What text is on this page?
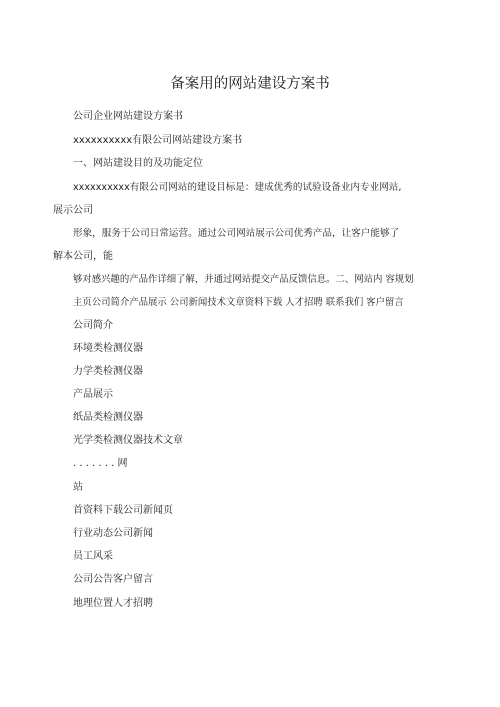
备案用的网站建设方案书
公司企业网站建设方案书
xxxxxxxxxx有限公司网站建设方案书
一、网站建设目的及功能定位
xxxxxxxxxx有限公司网站的建设目标是：建成优秀的试验设备业内专业网站,
展示公司
形象，服务于公司日常运营。通过公司网站展示公司优秀产品，让客户能够了
解本公司，能
够对感兴趣的产品作详细了解，并通过网站提交产品反馈信息。二、网站内 容规划
主页公司简介产品展示 公司新闻技术文章资料下载 人才招聘 联系我们 客户留言
公司简介
环境类检测仪器
力学类检测仪器
产品展示
纸品类检测仪器
光学类检测仪器技术文章
. . . . . . . 网
站
首资料下载公司新闻页
行业动态公司新闻
员工风采
公司公告客户留言
地理位置人才招聘
